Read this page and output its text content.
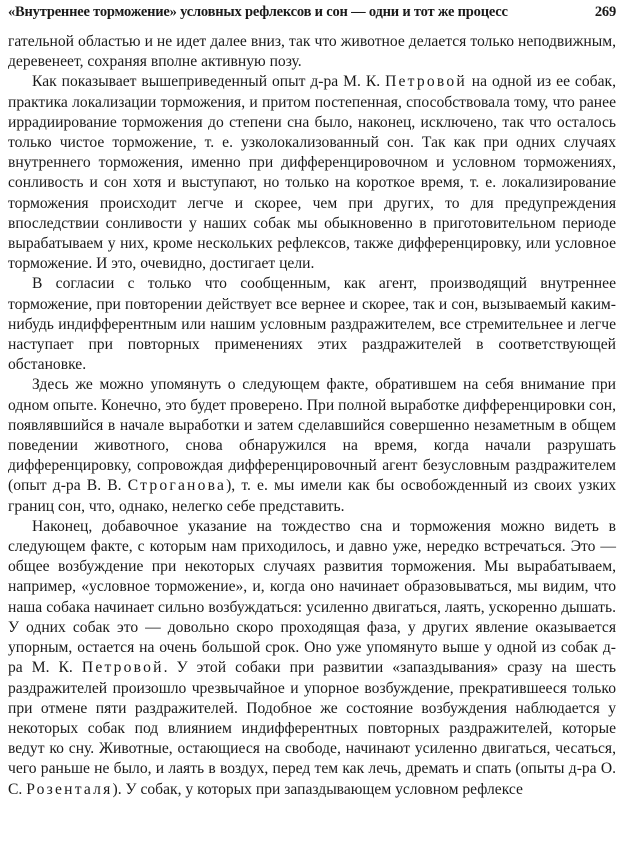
«Внутреннее торможение» условных рефлексов и сон — одни и тот же процесс	269

гательной областью и не идет далее вниз, так что животное делается только неподвижным, деревенеет, сохраняя вполне активную позу.

Как показывает вышеприведенный опыт д-ра М. К. Петровой на одной из ее собак, практика локализации торможения, и притом постепенная, способствовала тому, что ранее иррадиирование торможения до степени сна было, наконец, исключено, так что осталось только чистое торможение, т. е. узколокализованный сон. Так как при одних случаях внутреннего торможения, именно при дифференцировочном и условном торможениях, сонливость и сон хотя и выступают, но только на короткое время, т. е. локализирование торможения происходит легче и скорее, чем при других, то для предупреждения впоследствии сонливости у наших собак мы обыкновенно в приготовительном периоде вырабатываем у них, кроме нескольких рефлексов, также дифференцировку, или условное торможение. И это, очевидно, достигает цели.

В согласии с только что сообщенным, как агент, производящий внутреннее торможение, при повторении действует все вернее и скорее, так и сон, вызываемый каким-нибудь индифферентным или нашим условным раздражителем, все стремительнее и легче наступает при повторных применениях этих раздражителей в соответствующей обстановке.

Здесь же можно упомянуть о следующем факте, обратившем на себя внимание при одном опыте. Конечно, это будет проверено. При полной выработке дифференцировки сон, появлявшийся в начале выработки и затем сделавшийся совершенно незаметным в общем поведении животного, снова обнаружился на время, когда начали разрушать дифференцировку, сопровождая дифференцировочный агент безусловным раздражителем (опыт д-ра В. В. Строганова), т. е. мы имели как бы освобожденный из своих узких границ сон, что, однако, нелегко себе представить.

Наконец, добавочное указание на тождество сна и торможения можно видеть в следующем факте, с которым нам приходилось, и давно уже, нередко встречаться. Это — общее возбуждение при некоторых случаях развития торможения. Мы вырабатываем, например, «условное торможение», и, когда оно начинает образовываться, мы видим, что наша собака начинает сильно возбуждаться: усиленно двигаться, лаять, ускоренно дышать. У одних собак это — довольно скоро проходящая фаза, у других явление оказывается упорным, остается на очень большой срок. Оно уже упомянуто выше у одной из собак д-ра М. К. Петровой. У этой собаки при развитии «запаздывания» сразу на шесть раздражителей произошло чрезвычайное и упорное возбуждение, прекратившееся только при отмене пяти раздражителей. Подобное же состояние возбуждения наблюдается у некоторых собак под влиянием индифферентных повторных раздражителей, которые ведут ко сну. Животные, остающиеся на свободе, начинают усиленно двигаться, чесаться, чего раньше не было, и лаять в воздух, перед тем как лечь, дремать и спать (опыты д-ра О. С. Розенталя). У собак, у которых при запаздывающем условном рефлексе
